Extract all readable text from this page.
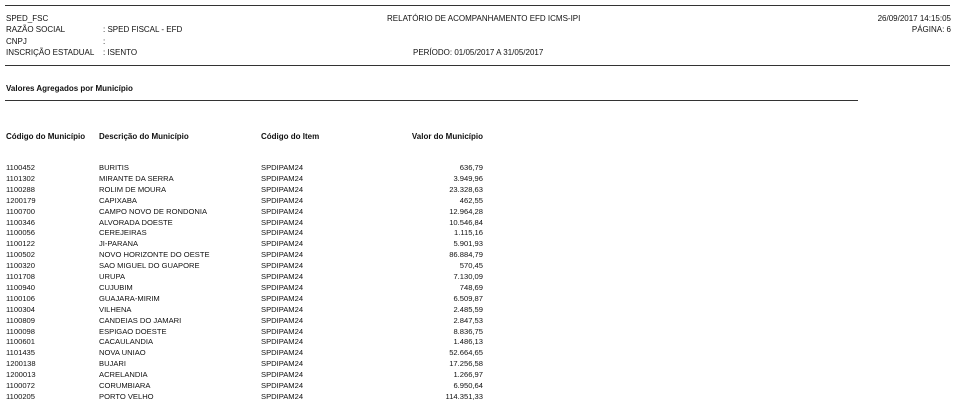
SPED_FSC	RELATÓRIO DE ACOMPANHAMENTO EFD ICMS-IPI	26/09/2017 14:15:05
RAZÃO SOCIAL	: SPED FISCAL - EFD	PÁGINA: 6
CNPJ	:
INSCRIÇÃO ESTADUAL : ISENTO	PERÍODO: 01/05/2017 A 31/05/2017
Valores Agregados por Município
Código do Município Descrição do Município	Código do Item	Valor do Município
1100452	BURITIS	SPDIPAM24	636,79
1101302	MIRANTE DA SERRA	SPDIPAM24	3.949,96
1100288	ROLIM DE MOURA	SPDIPAM24	23.328,63
1200179	CAPIXABA	SPDIPAM24	462,55
1100700	CAMPO NOVO DE RONDONIA	SPDIPAM24	12.964,28
1100346	ALVORADA DOESTE	SPDIPAM24	10.546,84
1100056	CEREJEIRAS	SPDIPAM24	1.115,16
1100122	JI-PARANA	SPDIPAM24	5.901,93
1100502	NOVO HORIZONTE DO OESTE	SPDIPAM24	86.884,79
1100320	SAO MIGUEL DO GUAPORE	SPDIPAM24	570,45
1101708	URUPA	SPDIPAM24	7.130,09
1100940	CUJUBIM	SPDIPAM24	748,69
1100106	GUAJARA-MIRIM	SPDIPAM24	6.509,87
1100304	VILHENA	SPDIPAM24	2.485,59
1100809	CANDEIAS DO JAMARI	SPDIPAM24	2.847,53
1100098	ESPIGAO DOESTE	SPDIPAM24	8.836,75
1100601	CACAULANDIA	SPDIPAM24	1.486,13
1101435	NOVA UNIAO	SPDIPAM24	52.664,65
1200138	BUJARI	SPDIPAM24	17.256,58
1200013	ACRELANDIA	SPDIPAM24	1.266,97
1100072	CORUMBIARA	SPDIPAM24	6.950,64
1100205	PORTO VELHO	SPDIPAM24	114.351,33
